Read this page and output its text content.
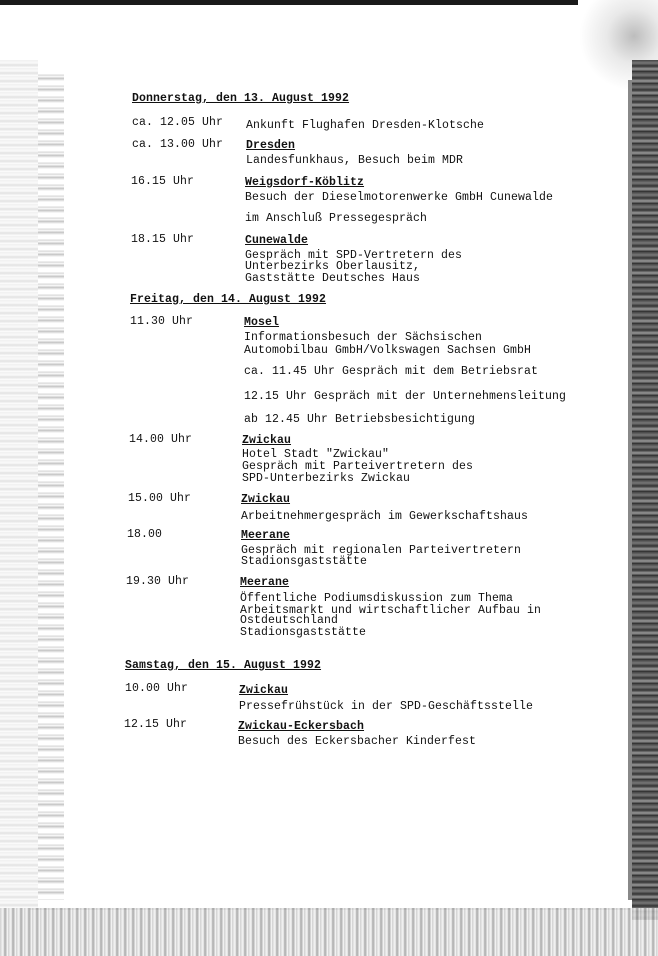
Donnerstag, den 13. August 1992
ca. 12.05 Uhr Ankunft Flughafen Dresden-Klotsche
ca. 13.00 Uhr Dresden
Landesfunkhaus, Besuch beim MDR
16.15 Uhr	Weigsdorf-Köblitz
Besuch der Dieselmotorenwerke GmbH Cunewalde
im Anschluß Pressegespräch
18.15 Uhr	Cunewalde
Gespräch mit SPD-Vertretern des
Unterbezirks Oberlausitz,
Gaststätte Deutsches Haus
Freitag, den 14. August 1992
11.30 Uhr	Mosel
Informationsbesuch der Sächsischen
Automobilbau GmbH/Volkswagen Sachsen GmbH
ca. 11.45 Uhr Gespräch mit dem Betriebsrat
12.15 Uhr Gespräch mit der Unternehmensleitung
ab 12.45 Uhr Betriebsbesichtigung
14.00 Uhr	Zwickau
Hotel Stadt "Zwickau"
Gespräch mit Parteivertretern des
SPD-Unterbezirks Zwickau
15.00 Uhr	Zwickau
Arbeitnehmergespräch im Gewerkschaftshaus
18.00	Meerane
Gespräch mit regionalen Parteivertretern
Stadionsgaststätte
19.30 Uhr	Meerane
Öffentliche Podiumsdiskussion zum Thema
Arbeitsmarkt und wirtschaftlicher Aufbau in
Ostdeutschland
Stadionsgaststätte
Samstag, den 15. August 1992
10.00 Uhr	Zwickau
Pressefrühstück in der SPD-Geschäftsstelle
12.15 Uhr	Zwickau-Eckersbach
Besuch des Eckersbacher Kinderfest
